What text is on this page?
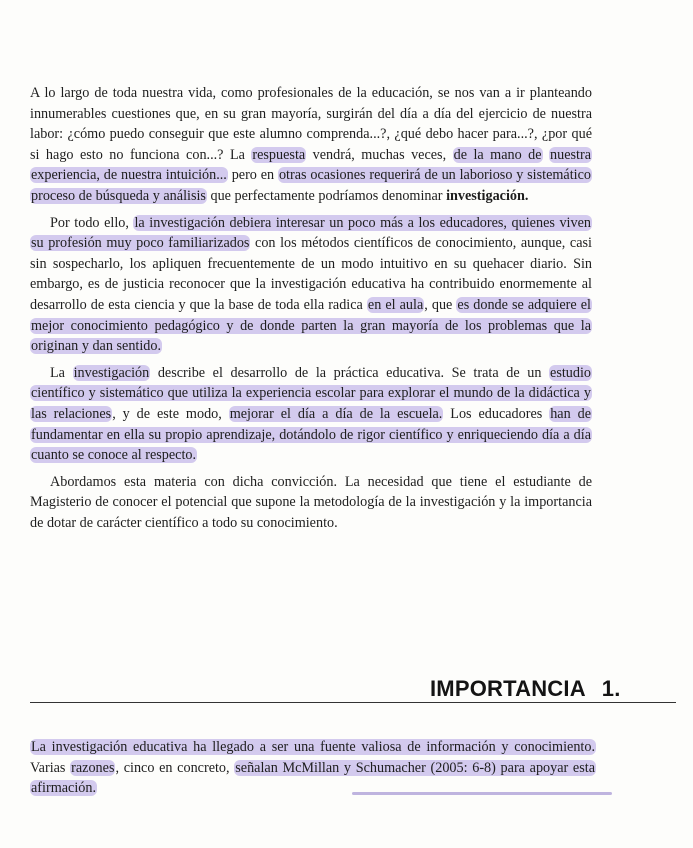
A lo largo de toda nuestra vida, como profesionales de la educación, se nos van a ir planteando innumerables cuestiones que, en su gran mayoría, surgirán del día a día del ejercicio de nuestra labor: ¿cómo puedo conseguir que este alumno comprenda...?, ¿qué debo hacer para...?, ¿por qué si hago esto no funciona con...? La respuesta vendrá, muchas veces, de la mano de nuestra experiencia, de nuestra intuición... pero en otras ocasiones requerirá de un laborioso y sistemático proceso de búsqueda y análisis que perfectamente podríamos denominar investigación.

Por todo ello, la investigación debiera interesar un poco más a los educadores, quienes viven su profesión muy poco familiarizados con los métodos científicos de conocimiento, aunque, casi sin sospecharlo, los apliquen frecuentemente de un modo intuitivo en su quehacer diario. Sin embargo, es de justicia reconocer que la investigación educativa ha contribuido enormemente al desarrollo de esta ciencia y que la base de toda ella radica en el aula, que es donde se adquiere el mejor conocimiento pedagógico y de donde parten la gran mayoría de los problemas que la originan y dan sentido.

La investigación describe el desarrollo de la práctica educativa. Se trata de un estudio científico y sistemático que utiliza la experiencia escolar para explorar el mundo de la didáctica y las relaciones, y de este modo, mejorar el día a día de la escuela. Los educadores han de fundamentar en ella su propio aprendizaje, dotándolo de rigor científico y enriqueciendo día a día cuanto se conoce al respecto.

Abordamos esta materia con dicha convicción. La necesidad que tiene el estudiante de Magisterio de conocer el potencial que supone la metodología de la investigación y la importancia de dotar de carácter científico a todo su conocimiento.

IMPORTANCIA 1.

La investigación educativa ha llegado a ser una fuente valiosa de información y conocimiento. Varias razones, cinco en concreto, señalan McMillan y Schumacher (2005: 6-8) para apoyar esta afirmación.
